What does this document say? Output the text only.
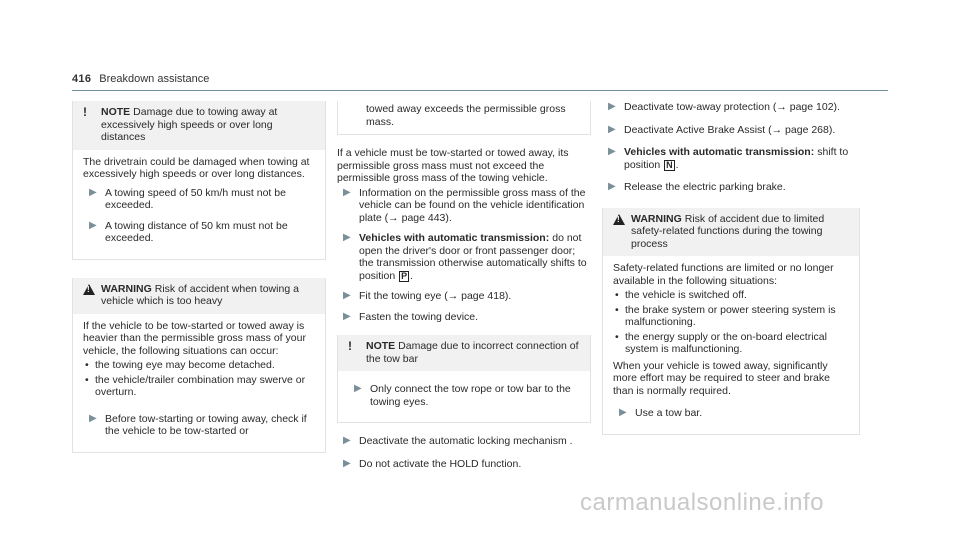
416 Breakdown assistance
!	NOTE Damage due to towing away at excessively high speeds or over long distances

The drivetrain could be damaged when towing at excessively high speeds or over long distances.

▶ A towing speed of 50 km/h must not be exceeded.
▶ A towing distance of 50 km must not be exceeded.
!

WARNING Risk of accident when towing a vehicle which is too heavy

If the vehicle to be tow-started or towed away is heavier than the permissible gross mass of your vehicle, the following situations can occur:

• the towing eye may become detached.
• the vehicle/trailer combination may swerve or overturn.
▶ Before tow-starting or towing away, check if the vehicle to be tow-started or

towed away exceeds the permissible gross mass.

If a vehicle must be tow-started or towed away, its permissible gross mass must not exceed the permissible gross mass of the towing vehicle.

▶ Information on the permissible gross mass of the vehicle can be found on the vehicle identification plate (→ page 443).
▶ Vehicles with automatic transmission: do not open the driver's door or front passenger door; the transmission otherwise automatically shifts to position P .
▶ Fit the towing eye (→ page 418).
▶ Fasten the towing device.
!	NOTE Damage due to incorrect connection of the tow bar

▶ Only connect the tow rope or tow bar to the towing eyes.
▶ Deactivate the automatic locking mechanism .
▶ Do not activate the HOLD function.
▶ Deactivate tow-away protection (→ page 102).
▶ Deactivate Active Brake Assist (→ page 268).
▶ Vehicles with automatic transmission: shift to position N .
▶ Release the electric parking brake.
!

WARNING Risk of accident due to limited safety-related functions during the towing process

Safety-related functions are limited or no longer available in the following situations:

• the vehicle is switched off.
• the brake system or power steering system is malfunctioning.
• the energy supply or the on-board electrical system is malfunctioning.

When your vehicle is towed away, significantly more effort may be required to steer and brake than is normally required.

▶ Use a tow bar.
carmanualsonline.info
